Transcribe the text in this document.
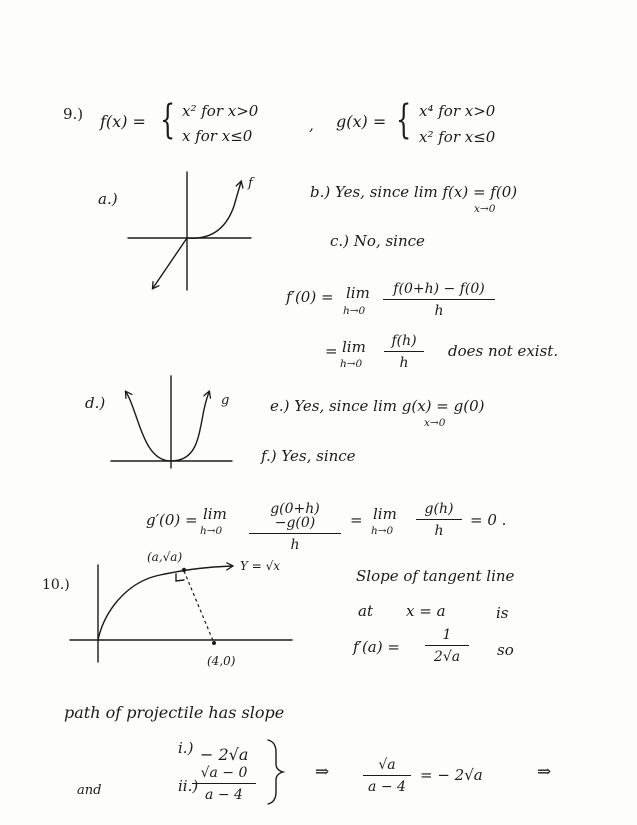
9.) f(x) = { x² for x>0
x for x≤0
, g(x) = { x⁴ for x>0
x² for x≤0
f
g
a.)	b.) Yes, since lim f(x) = f(0)
x→0
c.) No, since
f′(0) = lim
$h\to 0 \frac{f(0+h) - f(0)}{h}$
= lim
$h\to 0 \frac{f(h)}{h}$ does not exist.
d.)	e.) Yes, since lim g(x) = g(0)
x→0
f.) Yes, since
g′(0) = lim
$h\to 0 \frac{g(0+h)-g(0)}{h} = \lim$
$h\to 0 \frac{g(h)}{h} = 0$ .
10.)
(a,√a)
Y = √x
(4,0)
Slope of tangent line
at x = a	is
$f'(a) = \frac{1}{2√a}$ so
path of projectile has slope
i.) − 2√a
and	ii.)
$\frac{√a - 0}{a - 4}$	⇒ $\frac{√a}{a - 4}$ = − 2√a	⇒
